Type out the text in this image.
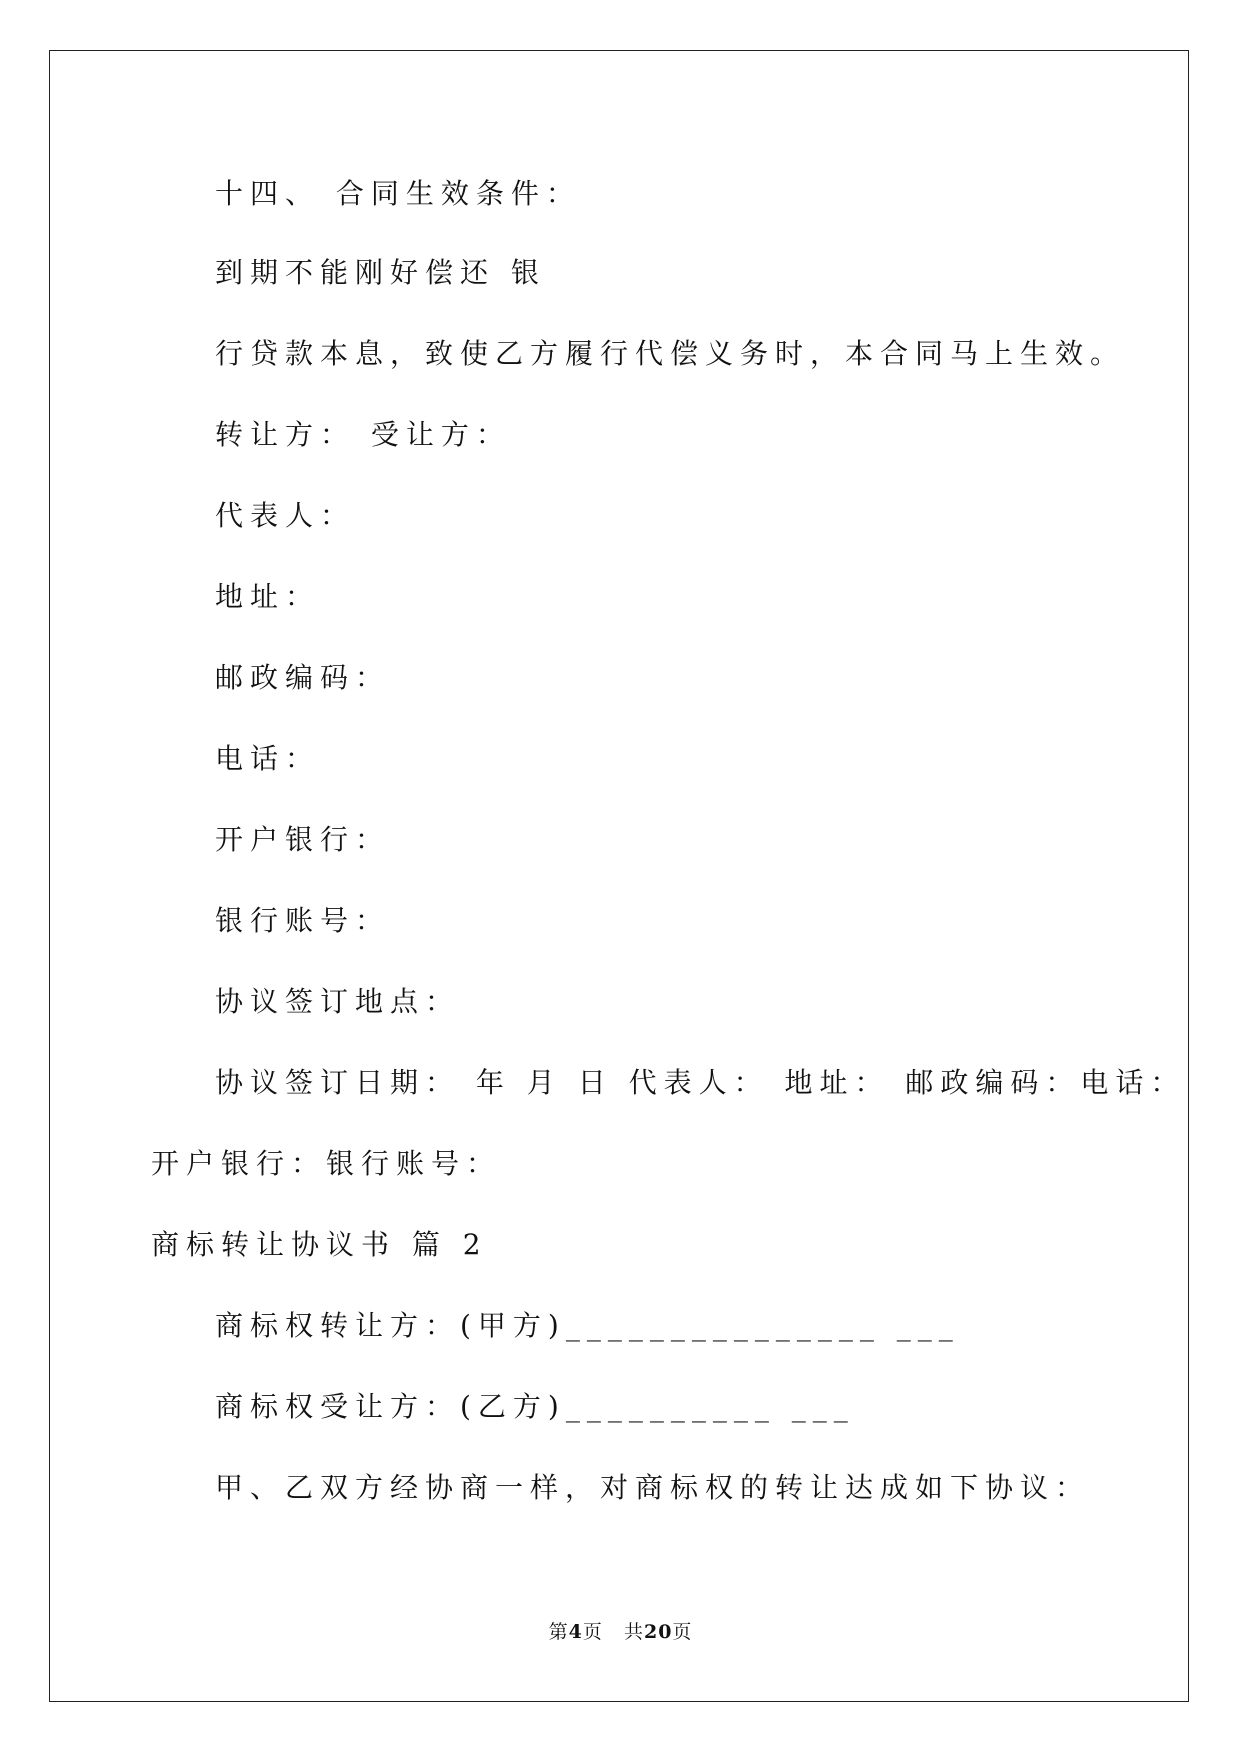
十四、 合同生效条件：
到期不能刚好偿还 银
行贷款本息，致使乙方履行代偿义务时，本合同马上生效。
转让方： 受让方：
代表人：
地址：
邮政编码：
电话：
开户银行：
银行账号：
协议签订地点：
协议签订日期： 年 月 日 代表人： 地址： 邮政编码：电话：
开户银行：银行账号：
商标转让协议书 篇 2
商标权转让方：(甲方)_______________ ___
商标权受让方：(乙方)__________ ___
甲、乙双方经协商一样，对商标权的转让达成如下协议：
第4页 共20页
